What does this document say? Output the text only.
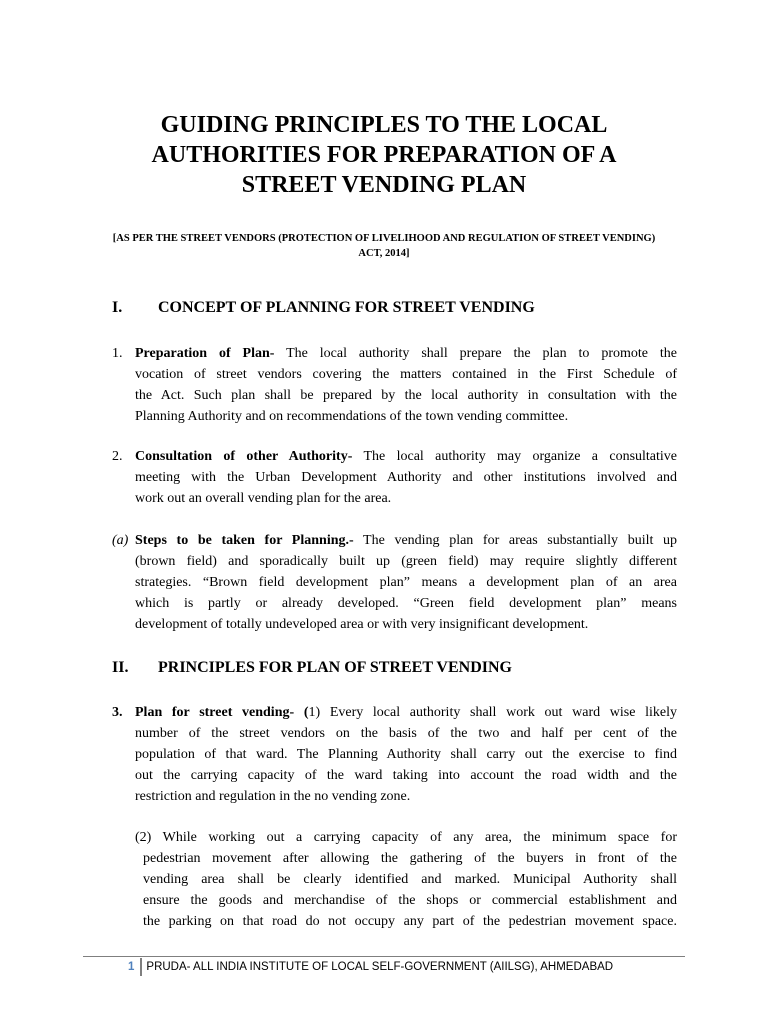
GUIDING PRINCIPLES TO THE LOCAL
AUTHORITIES FOR PREPARATION OF A
STREET VENDING PLAN

[AS PER THE STREET VENDORS (PROTECTION OF LIVELIHOOD AND REGULATION OF STREET VENDING)
ACT, 2014]

I. CONCEPT OF PLANNING FOR STREET VENDING
1. Preparation of Plan- The local authority shall prepare the plan to promote the
vocation of street vendors covering the matters contained in the First Schedule of
the Act. Such plan shall be prepared by the local authority in consultation with the
Planning Authority and on recommendations of the town vending committee.
2. Consultation of other Authority- The local authority may organize a consultative
meeting with the Urban Development Authority and other institutions involved and
work out an overall vending plan for the area.
(a) Steps to be taken for Planning.- The vending plan for areas substantially built up
(brown field) and sporadically built up (green field) may require slightly different
strategies. “Brown field development plan” means a development plan of an area
which is partly or already developed. “Green field development plan” means
development of totally undeveloped area or with very insignificant development.
II. PRINCIPLES FOR PLAN OF STREET VENDING
3. Plan for street vending- (1) Every local authority shall work out ward wise likely
number of the street vendors on the basis of the two and half per cent of the
population of that ward. The Planning Authority shall carry out the exercise to find
out the carrying capacity of the ward taking into account the road width and the
restriction and regulation in the no vending zone.
(2) While working out a carrying capacity of any area, the minimum space for
pedestrian movement after allowing the gathering of the buyers in front of the
vending area shall be clearly identified and marked. Municipal Authority shall
ensure the goods and merchandise of the shops or commercial establishment and
the parking on that road do not occupy any part of the pedestrian movement space.
1	PRUDA- ALL INDIA INSTITUTE OF LOCAL SELF-GOVERNMENT (AIILSG), AHMEDABAD
